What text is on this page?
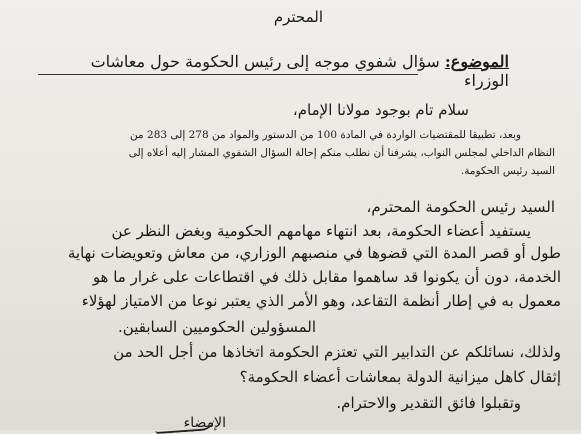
المحترم
الموضوع: سؤال شفوي موجه إلى رئيس الحكومة حول معاشات الوزراء
سلام تام بوجود مولانا الإمام،
وبعد، تطبيقا للمقتضيات الواردة في المادة 100 من الدستور والمواد من 278 إلى 283 من
النظام الداخلي لمجلس النواب، يشرفنا أن نطلب منكم إحالة السؤال الشفوي المشار إليه أعلاه إلى
السيد رئيس الحكومة.
السيد رئيس الحكومة المحترم،
يستفيد أعضاء الحكومة، بعد انتهاء مهامهم الحكومية وبغض النظر عن
طول أو قصر المدة التي قضوها في منصبهم الوزاري، من معاش وتعويضات نهاية
الخدمة، دون أن يكونوا قد ساهموا مقابل ذلك في اقتطاعات على غرار ما هو
معمول به في إطار أنظمة التقاعد، وهو الأمر الذي يعتبر نوعا من الامتياز لهؤلاء
المسؤولين الحكوميين السابقين.
ولذلك، نسائلكم عن التدابير التي تعتزم الحكومة اتخاذها من أجل الحد من
إثقال كاهل ميزانية الدولة بمعاشات أعضاء الحكومة؟
وتقبلوا فائق التقدير والاحترام.
الإمضاء
